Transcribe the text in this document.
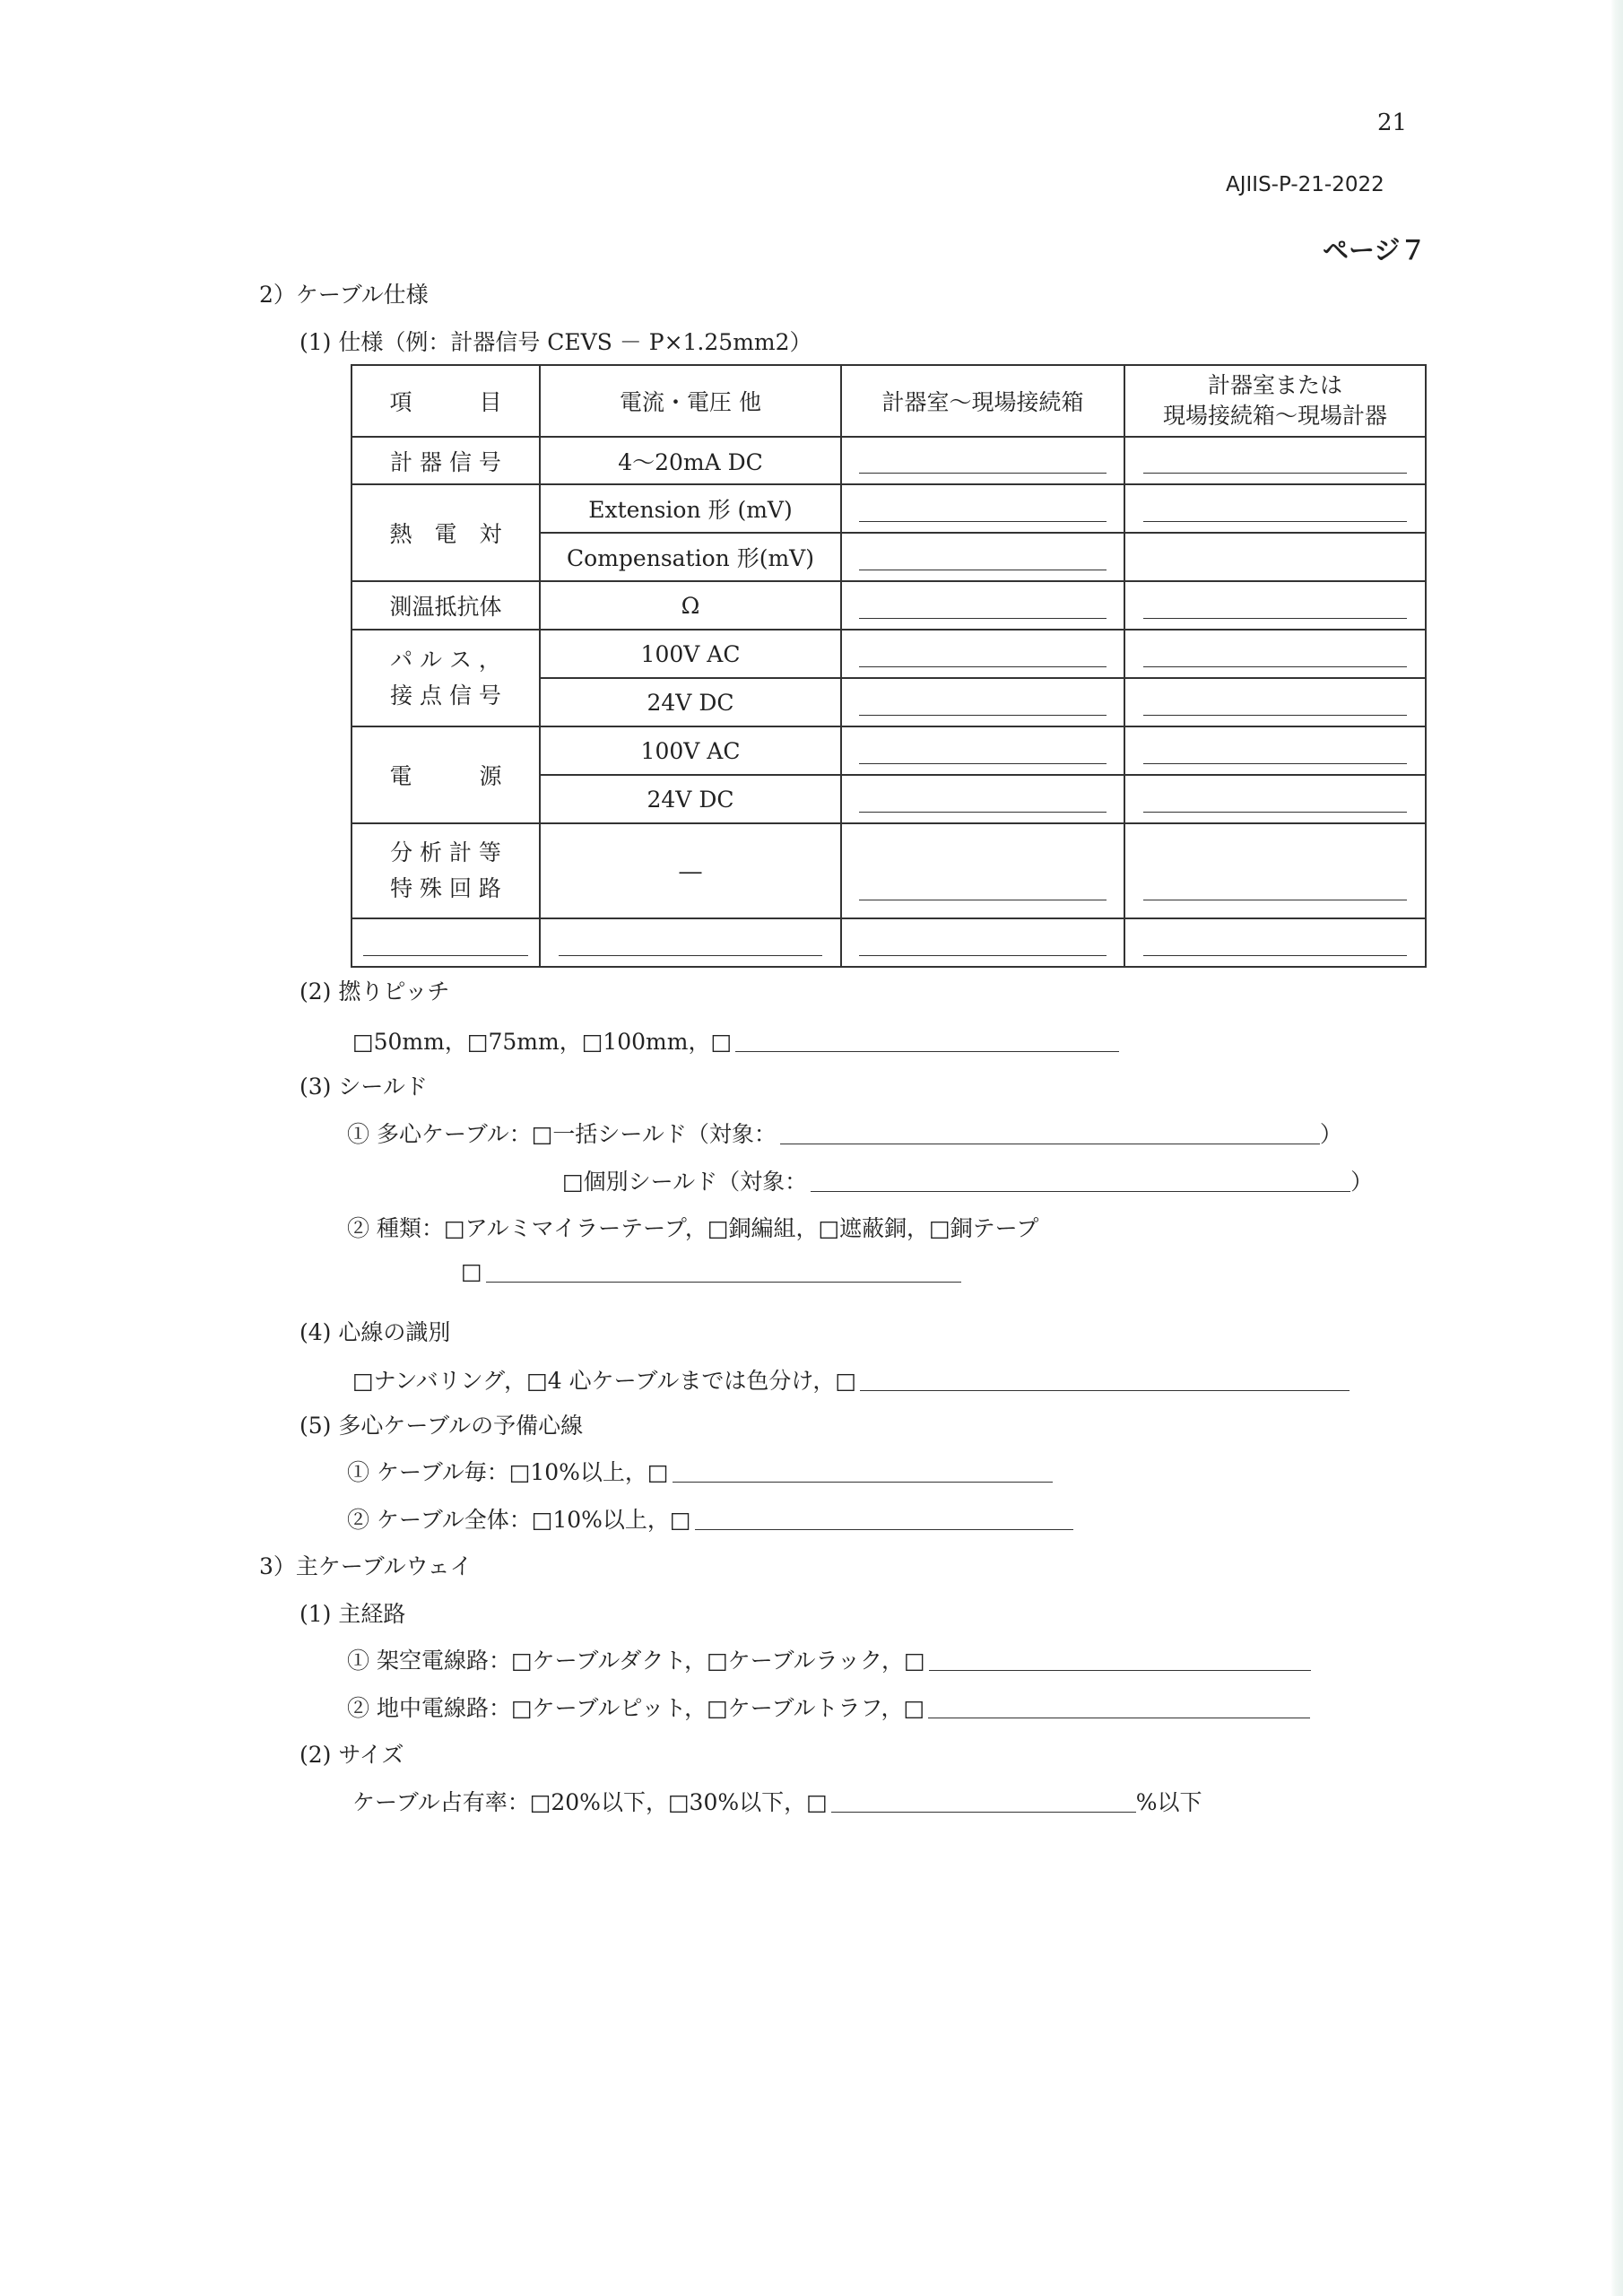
21
AJIIS-P-21-2022
ページ７
2）ケーブル仕様
(1) 仕様（例：計器信号 CEVS － P×1.25mm2）
項　　　目	電流・電圧 他	計器室～現場接続箱	計器室または
現場接続箱～現場計器
計 器 信 号	4～20mA DC	

熱　電　対	Extension 形 (mV)	

	Compensation 形(mV)	

測温抵抗体	Ω	

パ ル ス ，
接 点 信 号	100V AC	

	24V DC	

電　　　源	100V AC	

	24V DC	

分 析 計 等
特 殊 回 路	―	

(2) 撚りピッチ
□50mm，□75mm，□100mm，□
(3) シールド
① 多心ケーブル：□一括シールド（対象：	）
□個別シールド（対象：	）
② 種類：□アルミマイラーテープ，□銅編組，□遮蔽銅，□銅テープ
□
(4) 心線の識別
□ナンバリング，□4 心ケーブルまでは色分け，□
(5) 多心ケーブルの予備心線
① ケーブル毎：□10%以上，□
② ケーブル全体：□10%以上，□
3）主ケーブルウェイ
(1) 主経路
① 架空電線路：□ケーブルダクト，□ケーブルラック，□
② 地中電線路：□ケーブルピット，□ケーブルトラフ，□
(2) サイズ
ケーブル占有率：□20%以下，□30%以下，□	%以下
